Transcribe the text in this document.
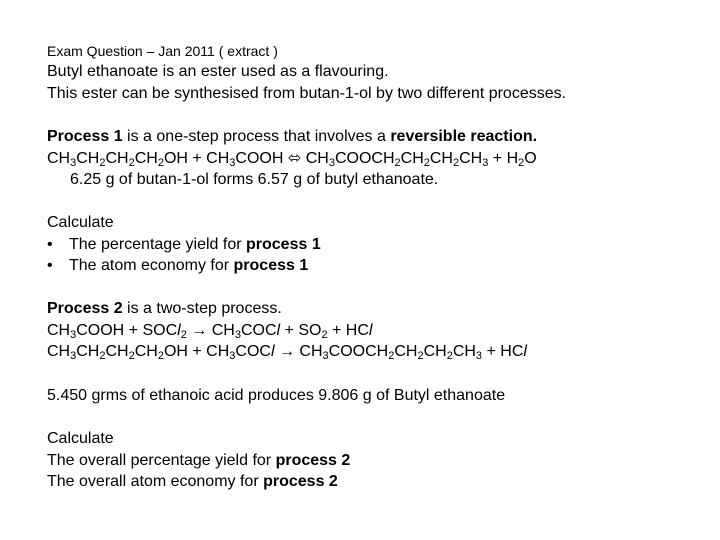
Exam Question – Jan 2011 ( extract )
Butyl ethanoate is an ester used as a flavouring.
This ester can be synthesised from butan-1-ol by two different processes.
Process 1 is a one-step process that involves a reversible reaction.
$CH_3CH_2CH_2CH_2OH$ + $CH_3COOH$ ⬄ $CH_3COOCH_2CH_2CH_2CH_3 + H_2O$
6.25 g of butan-1-ol forms 6.57 g of butyl ethanoate.
Calculate
• The percentage yield for process 1
• The atom economy for process 1
Process 2 is a two-step process.
$CH_3COOH$ + SOCl$_2$ → $CH_3COCl + SO_2$ + HCl
$CH_3CH_2CH_2CH_2OH$ + $CH_3COCl$ → $CH_3COOCH_2CH_2CH_2CH_3$ + HCl
5.450 grms of ethanoic acid produces 9.806 g of Butyl ethanoate
Calculate
The overall percentage yield for process 2
The overall atom economy for process 2
